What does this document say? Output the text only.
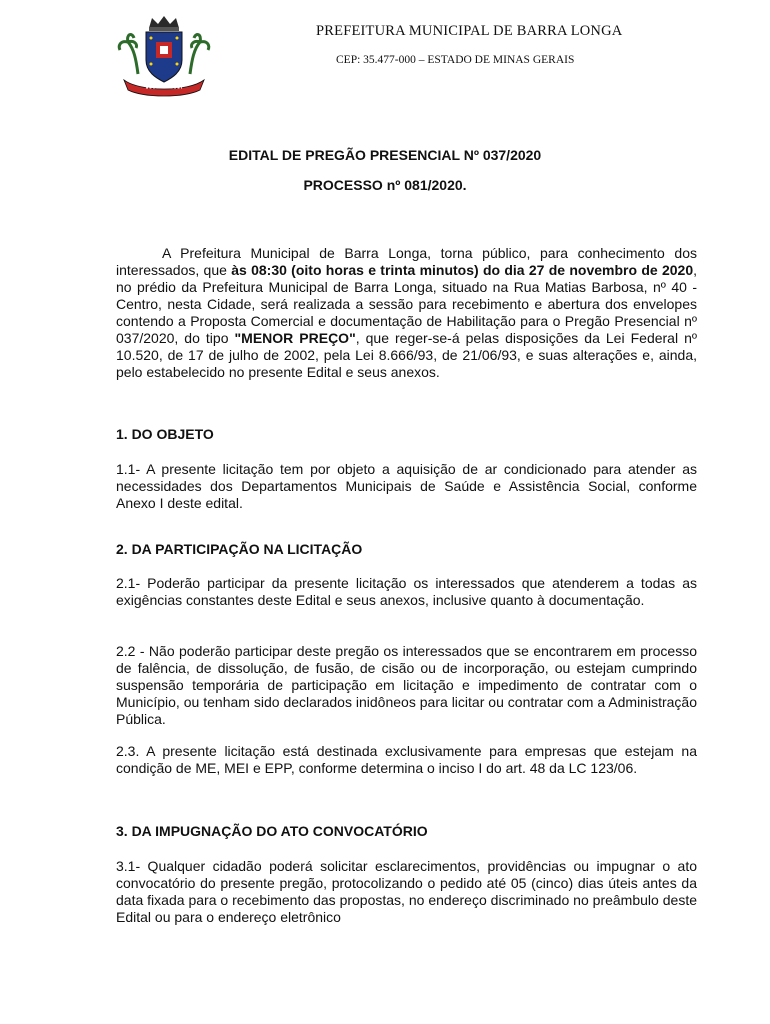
PREFEITURA MUNICIPAL DE BARRA LONGA
CEP: 35.477-000 – ESTADO DE MINAS GERAIS
EDITAL DE PREGÃO PRESENCIAL Nº 037/2020
PROCESSO nº 081/2020.
A Prefeitura Municipal de Barra Longa, torna público, para conhecimento dos interessados, que às 08:30 (oito horas e trinta minutos) do dia 27 de novembro de 2020, no prédio da Prefeitura Municipal de Barra Longa, situado na Rua Matias Barbosa, nº 40 - Centro, nesta Cidade, será realizada a sessão para recebimento e abertura dos envelopes contendo a Proposta Comercial e documentação de Habilitação para o Pregão Presencial nº 037/2020, do tipo "MENOR PREÇO", que reger-se-á pelas disposições da Lei Federal nº 10.520, de 17 de julho de 2002, pela Lei 8.666/93, de 21/06/93, e suas alterações e, ainda, pelo estabelecido no presente Edital e seus anexos.
1. DO OBJETO
1.1- A presente licitação tem por objeto a aquisição de ar condicionado para atender as necessidades dos Departamentos Municipais de Saúde e Assistência Social, conforme Anexo I deste edital.
2. DA PARTICIPAÇÃO NA LICITAÇÃO
2.1- Poderão participar da presente licitação os interessados que atenderem a todas as exigências constantes deste Edital e seus anexos, inclusive quanto à documentação.
2.2 - Não poderão participar deste pregão os interessados que se encontrarem em processo de falência, de dissolução, de fusão, de cisão ou de incorporação, ou estejam cumprindo suspensão temporária de participação em licitação e impedimento de contratar com o Município, ou tenham sido declarados inidôneos para licitar ou contratar com a Administração Pública.
2.3. A presente licitação está destinada exclusivamente para empresas que estejam na condição de ME, MEI e EPP, conforme determina o inciso I do art. 48 da LC 123/06.
3. DA IMPUGNAÇÃO DO ATO CONVOCATÓRIO
3.1- Qualquer cidadão poderá solicitar esclarecimentos, providências ou impugnar o ato convocatório do presente pregão, protocolizando o pedido até 05 (cinco) dias úteis antes da data fixada para o recebimento das propostas, no endereço discriminado no preâmbulo deste Edital ou para o endereço eletrônico
